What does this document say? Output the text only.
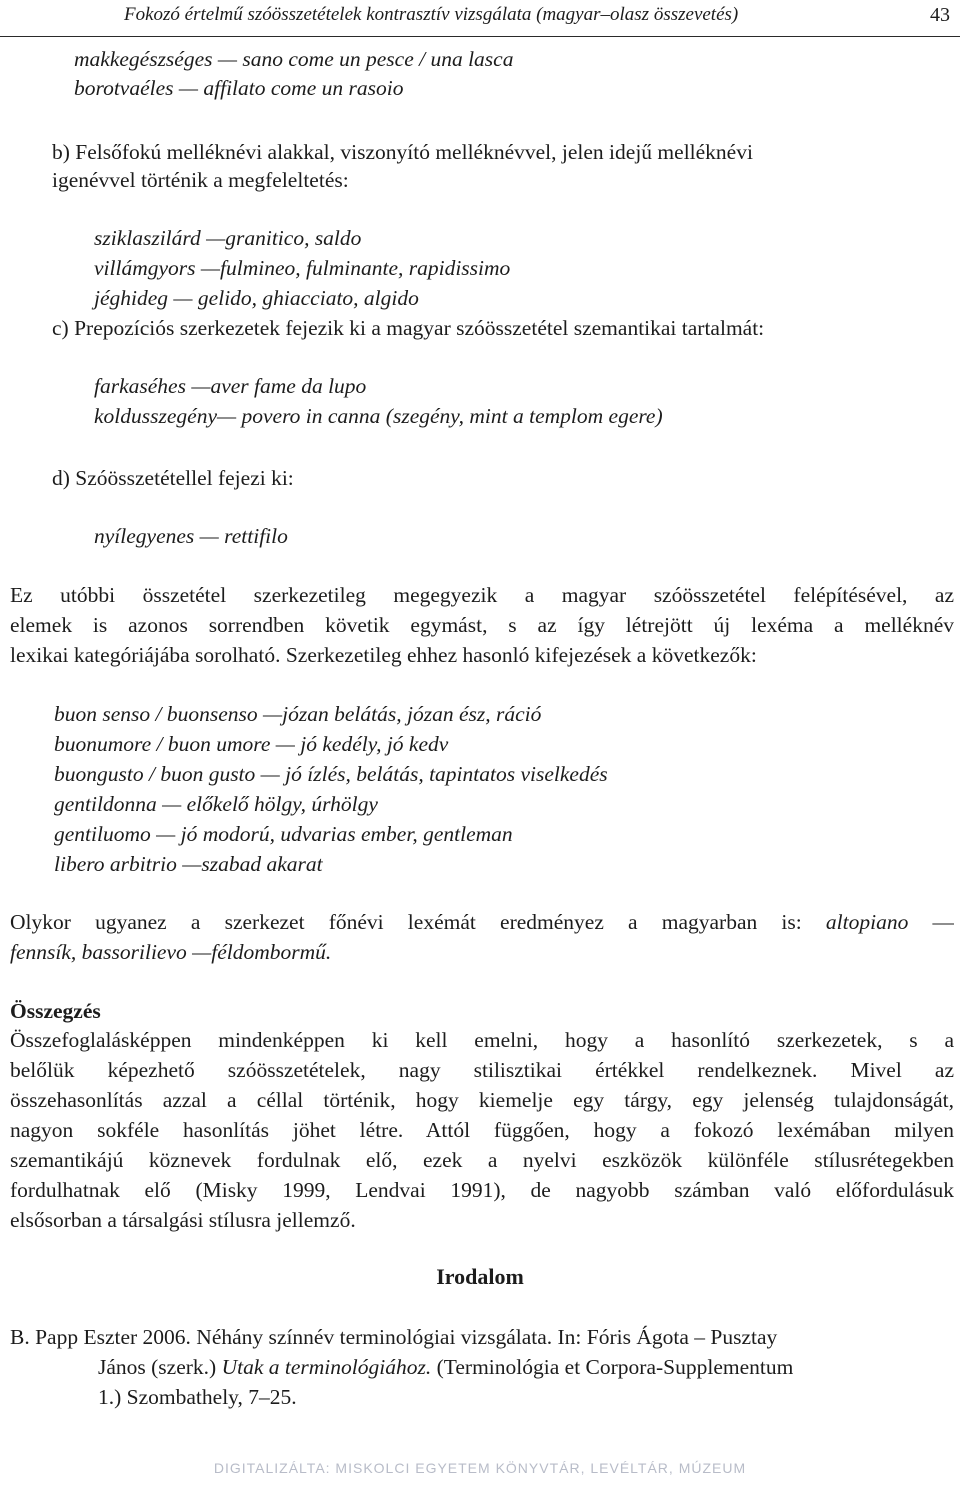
Fokozó értelmű szóösszetételek kontrasztív vizsgálata (magyar–olasz összevetés)	43
makkegészséges — sano come un pesce / una lasca
borotvaéles — affilato come un rasoio
b) Felsőfokú melléknévi alakkal, viszonyító melléknévvel, jelen idejű melléknévi
igenévvel történik a megfeleltetés:
sziklaszilárd —granitico, saldo
villámgyors —fulmineo, fulminante, rapidissimo
jéghideg — gelido, ghiacciato, algido
c) Prepozíciós szerkezetek fejezik ki a magyar szóösszetétel szemantikai tartalmát:
farkaséhes —aver fame da lupo
koldusszegény— povero in canna (szegény, mint a templom egere)
d) Szóösszetétellel fejezi ki:
nyílegyenes — rettifilo
Ez utóbbi összetétel szerkezetileg megegyezik a magyar szóösszetétel felépítésével, az
elemek is azonos sorrendben követik egymást, s az így létrejött új lexéma a melléknév
lexikai kategóriájába sorolható. Szerkezetileg ehhez hasonló kifejezések a következők:
buon senso / buonsenso —józan belátás, józan ész, ráció
buonumore / buon umore — jó kedély, jó kedv
buongusto / buon gusto — jó ízlés, belátás, tapintatos viselkedés
gentildonna — előkelő hölgy, úrhölgy
gentiluomo — jó modorú, udvarias ember, gentleman
libero arbitrio —szabad akarat
Olykor ugyanez a szerkezet főnévi lexémát eredményez a magyarban is: altopiano —
fennsík, bassorilievo —féldombormű.
Összegzés
Összefoglalásképpen mindenképpen ki kell emelni, hogy a hasonlító szerkezetek, s a
belőlük képezhető szóösszetételek, nagy stilisztikai értékkel rendelkeznek. Mivel az
összehasonlítás azzal a céllal történik, hogy kiemelje egy tárgy, egy jelenség tulajdonságát,
nagyon sokféle hasonlítás jöhet létre. Attól függően, hogy a fokozó lexémában milyen
szemantikájú köznevek fordulnak elő, ezek a nyelvi eszközök különféle stílusrétegekben
fordulhatnak elő (Misky 1999, Lendvai 1991), de nagyobb számban való előfordulásuk
elsősorban a társalgási stílusra jellemző.
Irodalom
B. Papp Eszter 2006. Néhány színnév terminológiai vizsgálata. In: Fóris Ágota – Pusztay
János (szerk.) Utak a terminológiához. (Terminológia et Corpora-Supplementum
1.) Szombathely, 7–25.
DIGITALIZÁLTA: MISKOLCI EGYETEM KÖNYVTÁR, LEVÉLTÁR, MÚZEUM
